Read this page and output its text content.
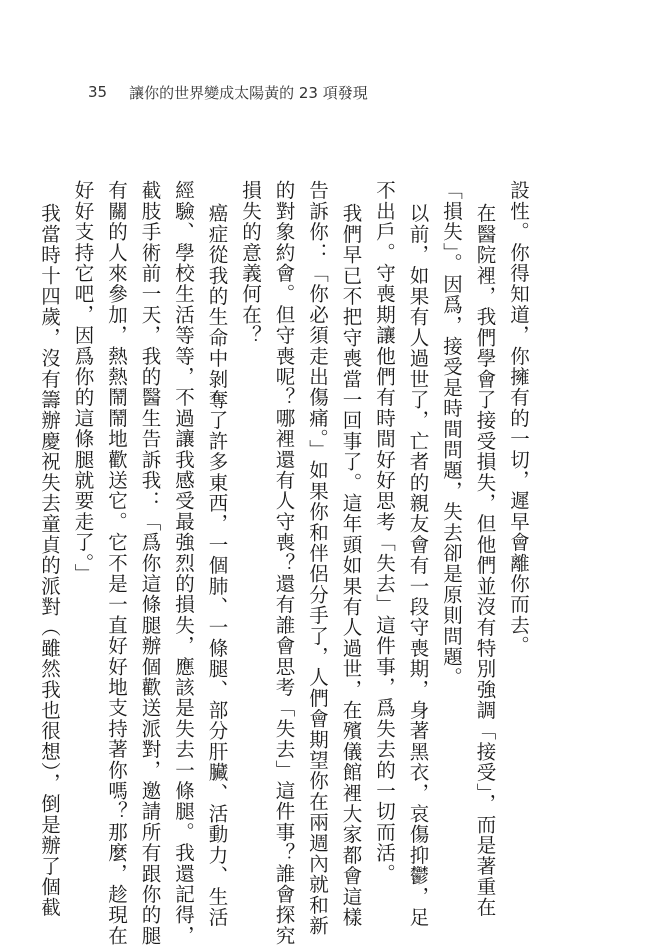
35 讓你的世界變成太陽黃的 23 項發現

設性。你得知道，你擁有的一切，遲早會離你而去。

在醫院裡，我們學會了接受損失，但他們並沒有特別強調「接受」，而是著重在

「損失」。因爲，接受是時間問題，失去卻是原則問題。

以前，如果有人過世了，亡者的親友會有一段守喪期，身著黑衣，哀傷抑鬱，足

不出戶。守喪期讓他們有時間好好思考「失去」這件事，爲失去的一切而活。

我們早已不把守喪當一回事了。這年頭如果有人過世，在殯儀館裡大家都會這樣

告訴你：「你必須走出傷痛。」如果你和伴侶分手了，人們會期望你在兩週內就和新

的對象約會。但守喪呢？哪裡還有人守喪？還有誰會思考「失去」這件事？誰會探究

損失的意義何在？

癌症從我的生命中剝奪了許多東西，一個肺、一條腿、部分肝臟、活動力、生活

經驗、學校生活等等，不過讓我感受最強烈的損失，應該是失去一條腿。我還記得，

截肢手術前一天，我的醫生告訴我：「爲你這條腿辦個歡送派對，邀請所有跟你的腿

有關的人來參加，熱熱鬧鬧地歡送它。它不是一直好好地支持著你嗎？那麼，趁現在

好好支持它吧，因爲你的這條腿就要走了。」

我當時十四歲，沒有籌辦慶祝失去童貞的派對（雖然我也很想），倒是辦了個截
